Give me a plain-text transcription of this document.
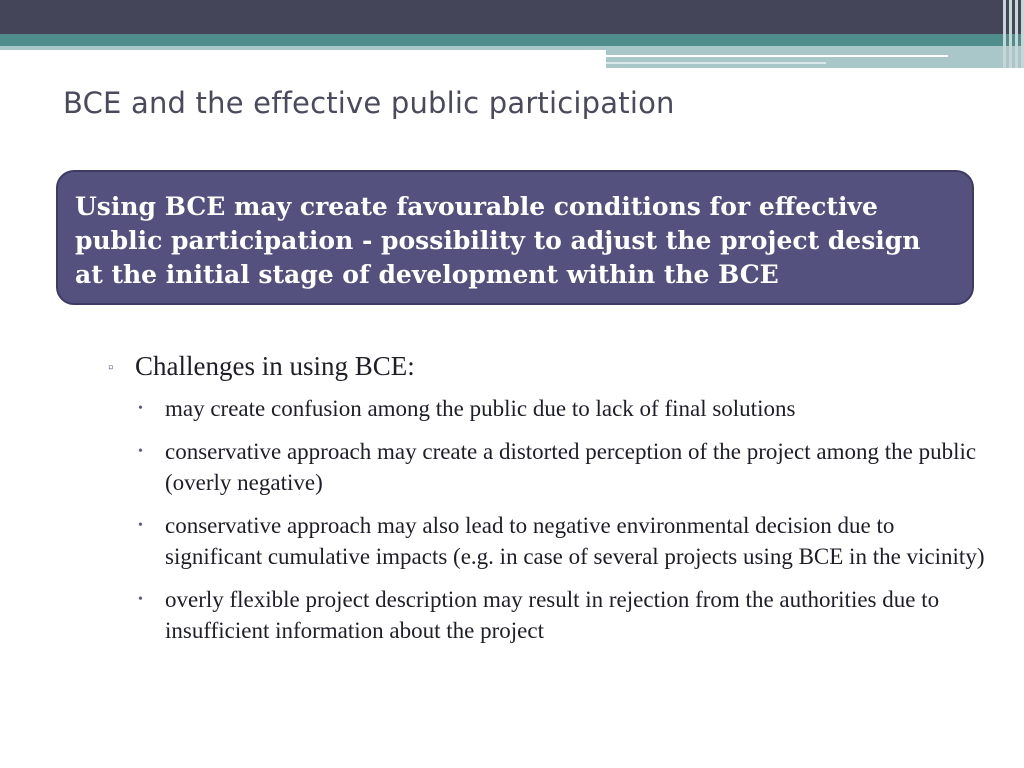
BCE and the effective public participation
Using BCE may create favourable conditions for effective public participation - possibility to adjust the project design at the initial stage of development within the BCE
▫ Challenges in using BCE:
• may create confusion among the public due to lack of final solutions
• conservative approach may create a distorted perception of the project among the public (overly negative)
• conservative approach may also lead to negative environmental decision due to significant cumulative impacts (e.g. in case of several projects using BCE in the vicinity)
• overly flexible project description may result in rejection from the authorities due to insufficient information about the project
